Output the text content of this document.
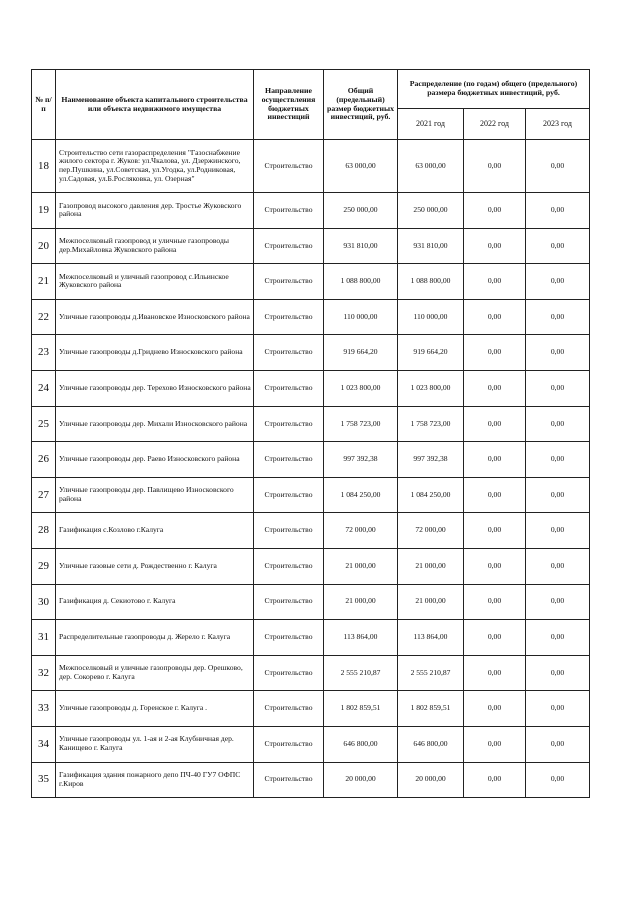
№ п/п	Наименование объекта капитального строительства или объекта недвижимого имущества	Направление осуществления бюджетных инвестиций	Общий (предельный) размер бюджетных инвестиций, руб.	Распределение (по годам) общего (предельного) размера бюджетных инвестиций, руб.		
				2021 год	2022 год	2023 год
18	Строительство сети газораспределения "Газоснабжение жилого сектора г. Жуков: ул.Чкалова, ул. Дзержинского, пер.Пушкина, ул.Советская, ул.Угодка, ул.Родниковая, ул.Садовая, ул.Б.Росляковка, ул. Озерная"	Строительство	63 000,00	63 000,00	0,00	0,00
19	Газопровод высокого давления дер. Тростье Жуковского района	Строительство	250 000,00	250 000,00	0,00	0,00
20	Межпоселковый газопровод и уличные газопроводы дер.Михайловка Жуковского района	Строительство	931 810,00	931 810,00	0,00	0,00
21	Межпоселковый и уличный газопровод с.Ильинское Жуковского района	Строительство	1 088 800,00	1 088 800,00	0,00	0,00
22	Уличные газопроводы д.Ивановское Износковского района	Строительство	110 000,00	110 000,00	0,00	0,00
23	Уличные газопроводы д.Гриднево Износковского района	Строительство	919 664,20	919 664,20	0,00	0,00
24	Уличные газопроводы дер. Терехово Износковского района	Строительство	1 023 800,00	1 023 800,00	0,00	0,00
25	Уличные газопроводы дер. Михали Износковского района	Строительство	1 758 723,00	1 758 723,00	0,00	0,00
26	Уличные газопроводы дер. Раево Износковского района	Строительство	997 392,38	997 392,38	0,00	0,00
27	Уличные газопроводы дер. Павлищево Износковского района	Строительство	1 084 250,00	1 084 250,00	0,00	0,00
28	Газификация с.Козлово г.Калуга	Строительство	72 000,00	72 000,00	0,00	0,00
29	Уличные газовые сети д. Рождественно г. Калуга	Строительство	21 000,00	21 000,00	0,00	0,00
30	Газификация д. Секиотово г. Калуга	Строительство	21 000,00	21 000,00	0,00	0,00
31	Распределительные газопроводы д. Жерело г. Калуга	Строительство	113 864,00	113 864,00	0,00	0,00
32	Межпоселковый и уличные газопроводы дер. Орешково, дер. Сокорево г. Калуга	Строительство	2 555 210,87	2 555 210,87	0,00	0,00
33	Уличные газопроводы д. Горенское г. Калуга .	Строительство	1 802 859,51	1 802 859,51	0,00	0,00
34	Уличные газопроводы ул. 1-ая и 2-ая Клубничная дер. Канищево г. Калуга	Строительство	646 800,00	646 800,00	0,00	0,00
35	Газификация здания пожарного депо ПЧ-40 ГУ7 ОФПС г.Киров	Строительство	20 000,00	20 000,00	0,00	0,00
